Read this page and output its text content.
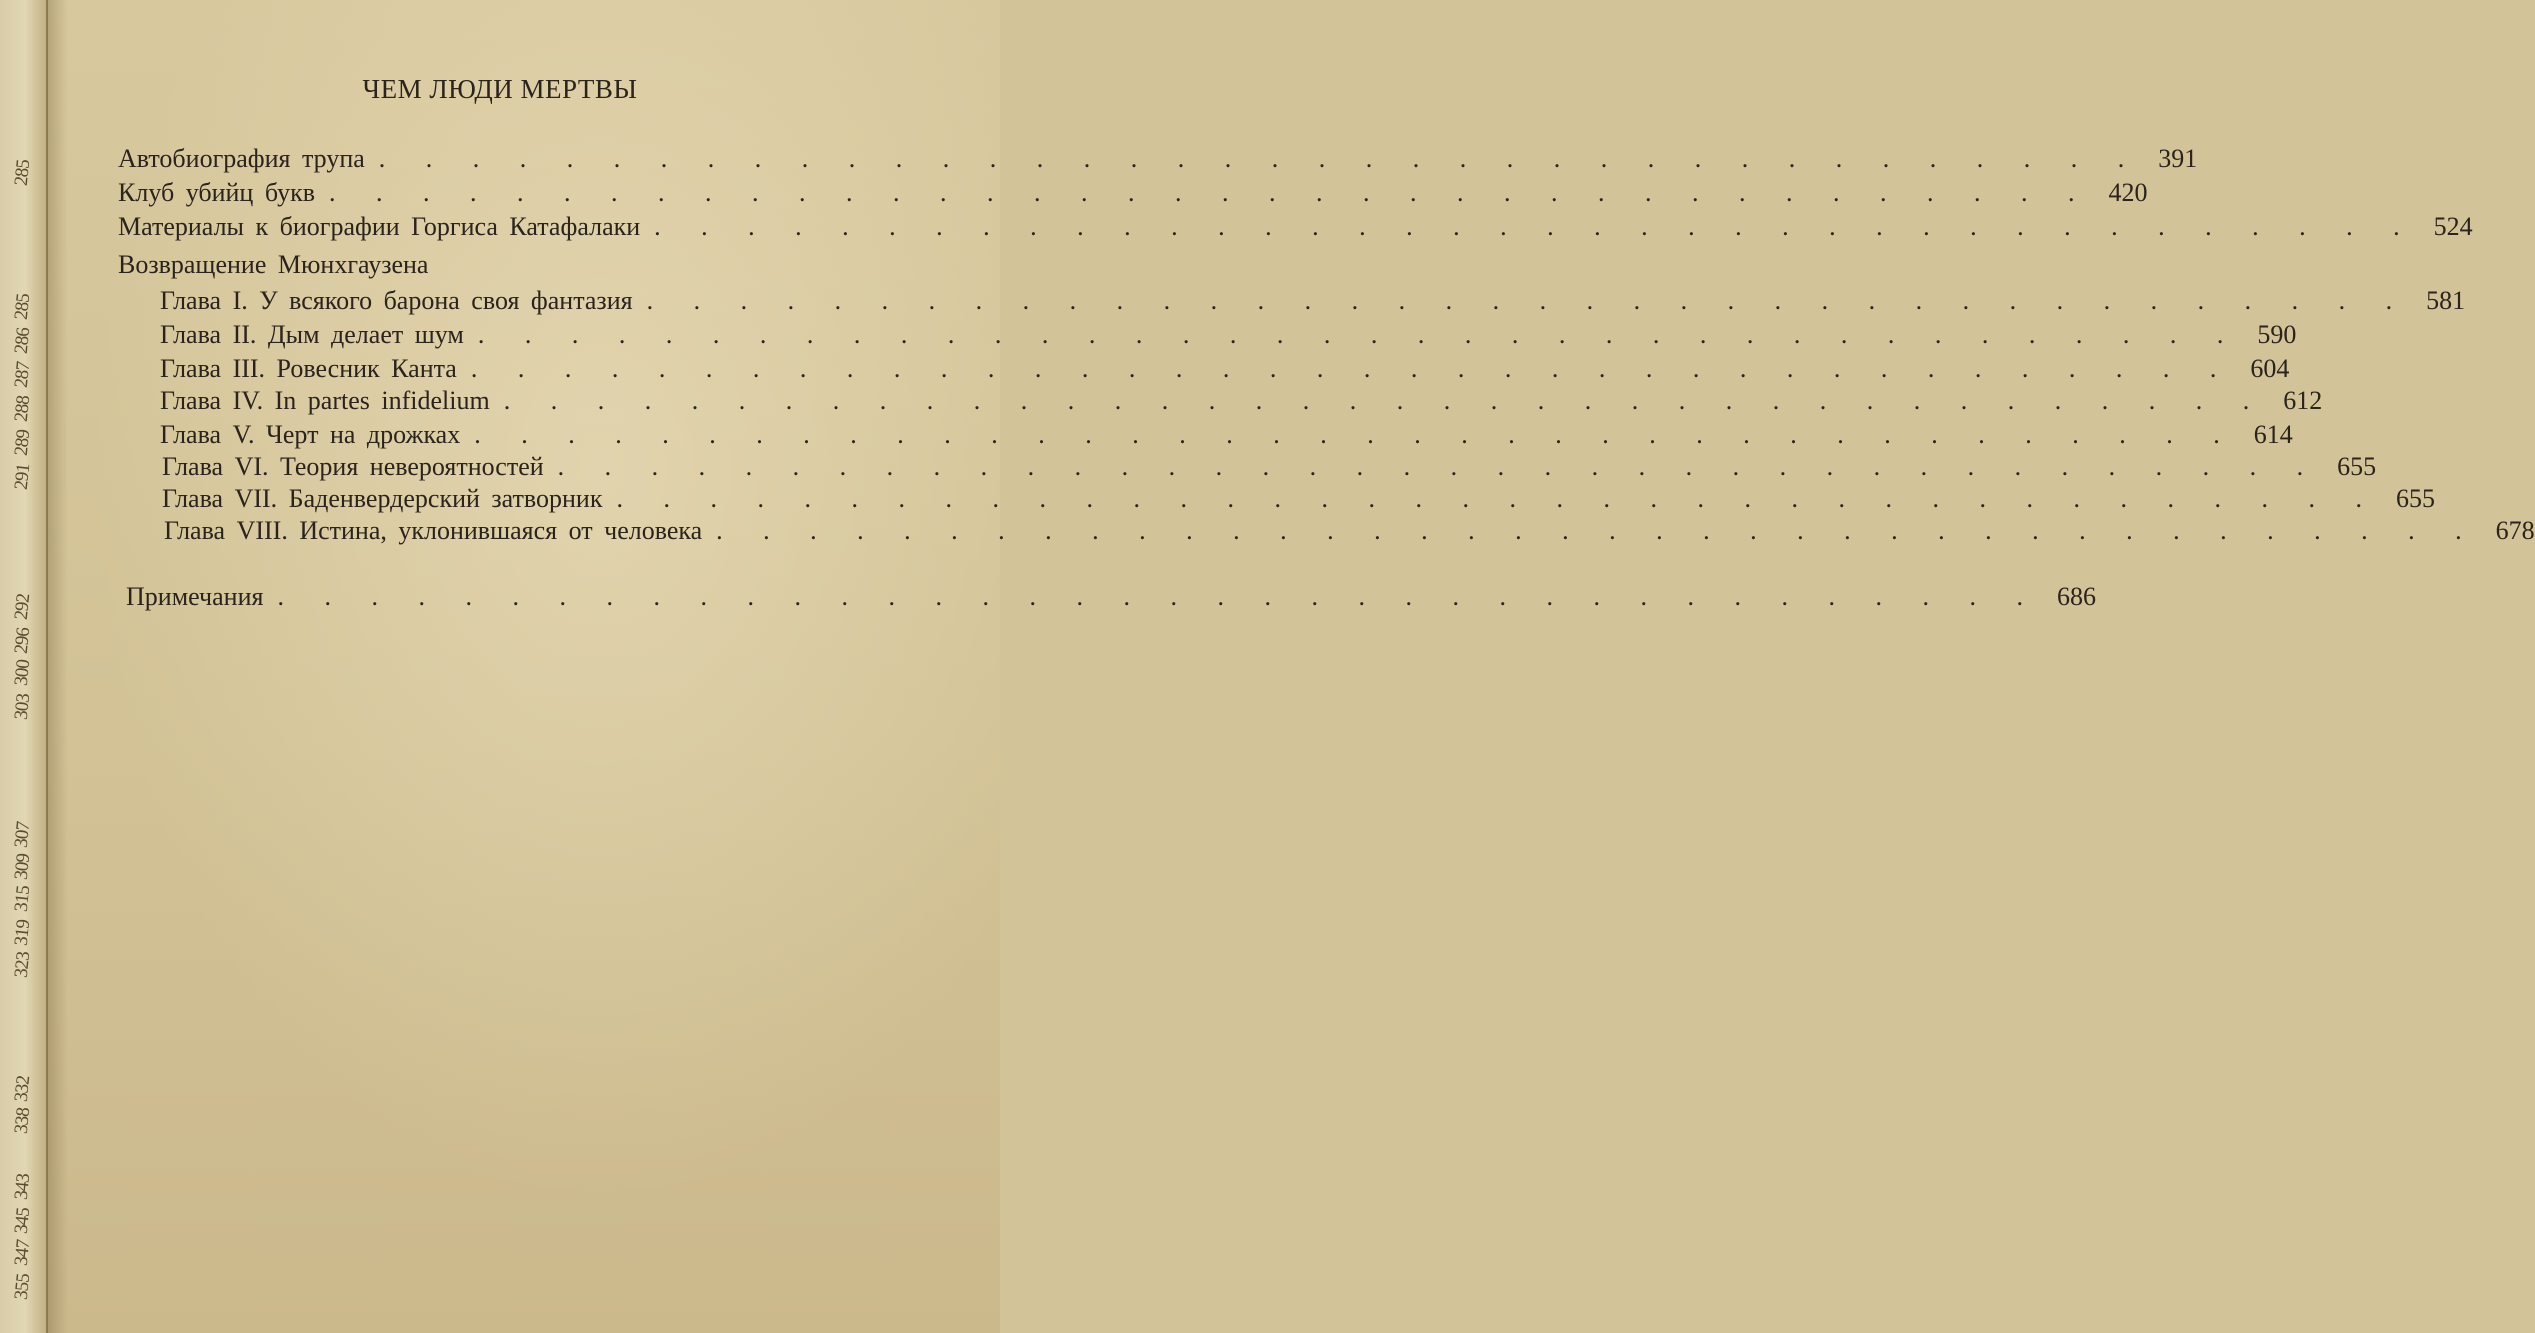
285
285
286
287
288
289
291
292
296
300
303
307
309
315
319
323
332
338
343
345
347
355
ЧЕМ ЛЮДИ МЕРТВЫ
Автобиография трупа . . . . . . . . . . . . . . . . . . . . . . . . . . . . . . . . . . . . . . 391
Клуб убийц букв . . . . . . . . . . . . . . . . . . . . . . . . . . . . . . . . . . . . . . 420
Материалы к биографии Горгиса Катафалаки . . . . . . . . . . . . . . . . . . . . . . . . . . . . . . . . . . . . . . 524
Возвращение Мюнхгаузена
Глава I. У всякого барона своя фантазия . . . . . . . . . . . . . . . . . . . . . . . . . . . . . . . . . . . . . . 581
Глава II. Дым делает шум . . . . . . . . . . . . . . . . . . . . . . . . . . . . . . . . . . . . . . 590
Глава III. Ровесник Канта . . . . . . . . . . . . . . . . . . . . . . . . . . . . . . . . . . . . . . 604
Глава IV. In partes infidelium . . . . . . . . . . . . . . . . . . . . . . . . . . . . . . . . . . . . . . 612
Глава V. Черт на дрожках . . . . . . . . . . . . . . . . . . . . . . . . . . . . . . . . . . . . . . 614
Глава VI. Теория невероятностей . . . . . . . . . . . . . . . . . . . . . . . . . . . . . . . . . . . . . . 655
Глава VII. Баденвердерский затворник . . . . . . . . . . . . . . . . . . . . . . . . . . . . . . . . . . . . . . 655
Глава VIII. Истина, уклонившаяся от человека . . . . . . . . . . . . . . . . . . . . . . . . . . . . . . . . . . . . . . 678
Примечания . . . . . . . . . . . . . . . . . . . . . . . . . . . . . . . . . . . . . . 686
